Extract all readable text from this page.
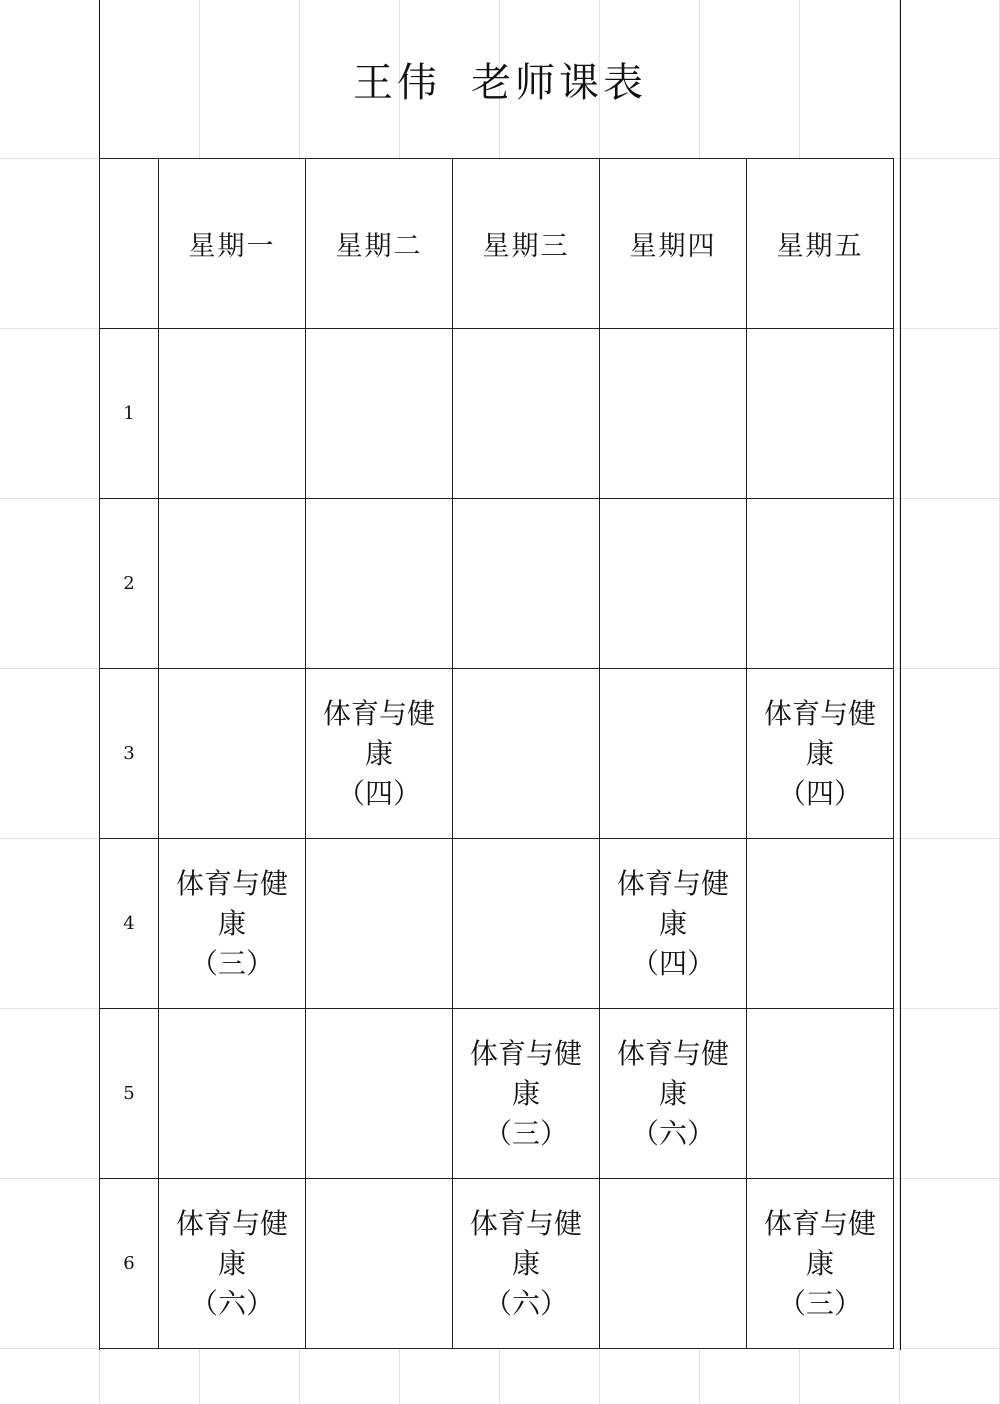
王伟 老师课表
	星期一	星期二	星期三	星期四	星期五
1					
2					
3		体育与健
康
（四）			体育与健
康
（四）

4	体育与健
康
（三）			体育与健
康
（四）	

5			体育与健
康
（三）	体育与健
康
（六）	

6	体育与健
康
（六）		体育与健
康
（六）		体育与健
康
（三）
